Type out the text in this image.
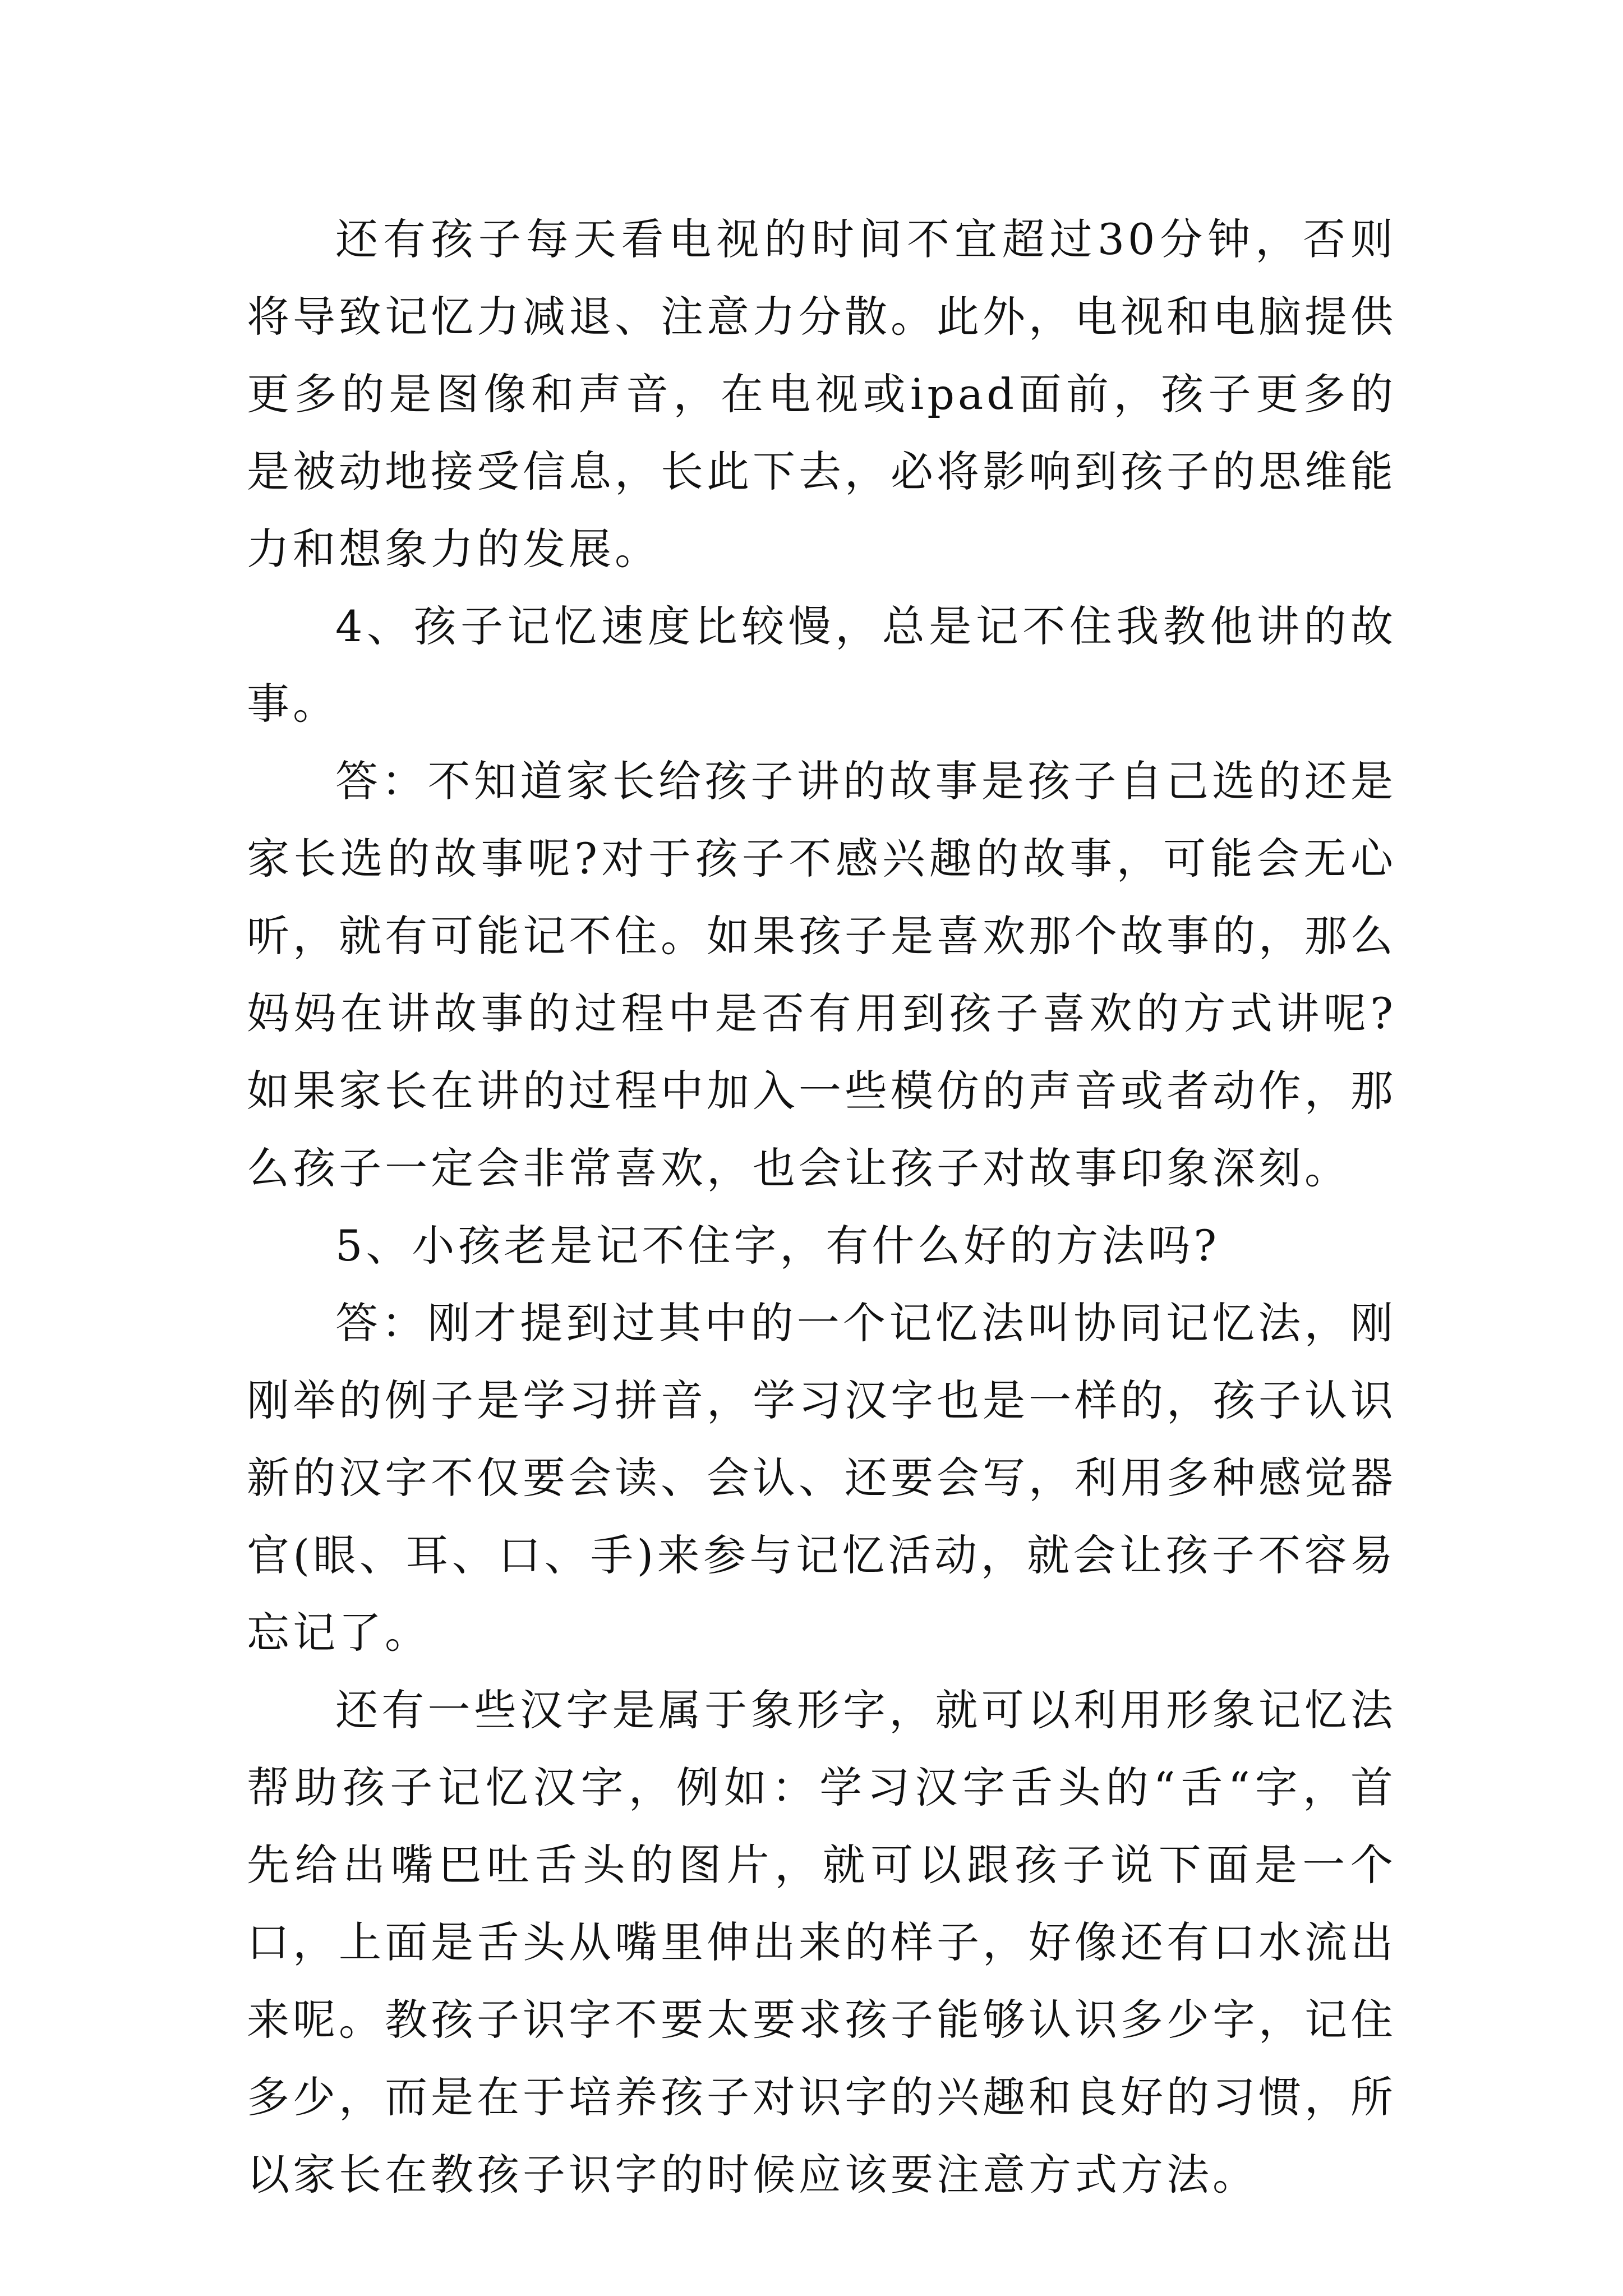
还有孩子每天看电视的时间不宜超过30分钟，否则将导致记忆力减退、注意力分散。此外，电视和电脑提供更多的是图像和声音，在电视或ipad面前，孩子更多的是被动地接受信息，长此下去，必将影响到孩子的思维能力和想象力的发展。

4、孩子记忆速度比较慢，总是记不住我教他讲的故事。

答：不知道家长给孩子讲的故事是孩子自己选的还是家长选的故事呢?对于孩子不感兴趣的故事，可能会无心听，就有可能记不住。如果孩子是喜欢那个故事的，那么妈妈在讲故事的过程中是否有用到孩子喜欢的方式讲呢?如果家长在讲的过程中加入一些模仿的声音或者动作，那么孩子一定会非常喜欢，也会让孩子对故事印象深刻。

5、小孩老是记不住字，有什么好的方法吗?

答：刚才提到过其中的一个记忆法叫协同记忆法，刚刚举的例子是学习拼音，学习汉字也是一样的，孩子认识新的汉字不仅要会读、会认、还要会写，利用多种感觉器官(眼、耳、口、手)来参与记忆活动，就会让孩子不容易忘记了。

还有一些汉字是属于象形字，就可以利用形象记忆法帮助孩子记忆汉字，例如：学习汉字舌头的“舌“字，首先给出嘴巴吐舌头的图片，就可以跟孩子说下面是一个口，上面是舌头从嘴里伸出来的样子，好像还有口水流出来呢。教孩子识字不要太要求孩子能够认识多少字，记住多少，而是在于培养孩子对识字的兴趣和良好的习惯，所以家长在教孩子识字的时候应该要注意方式方法。
